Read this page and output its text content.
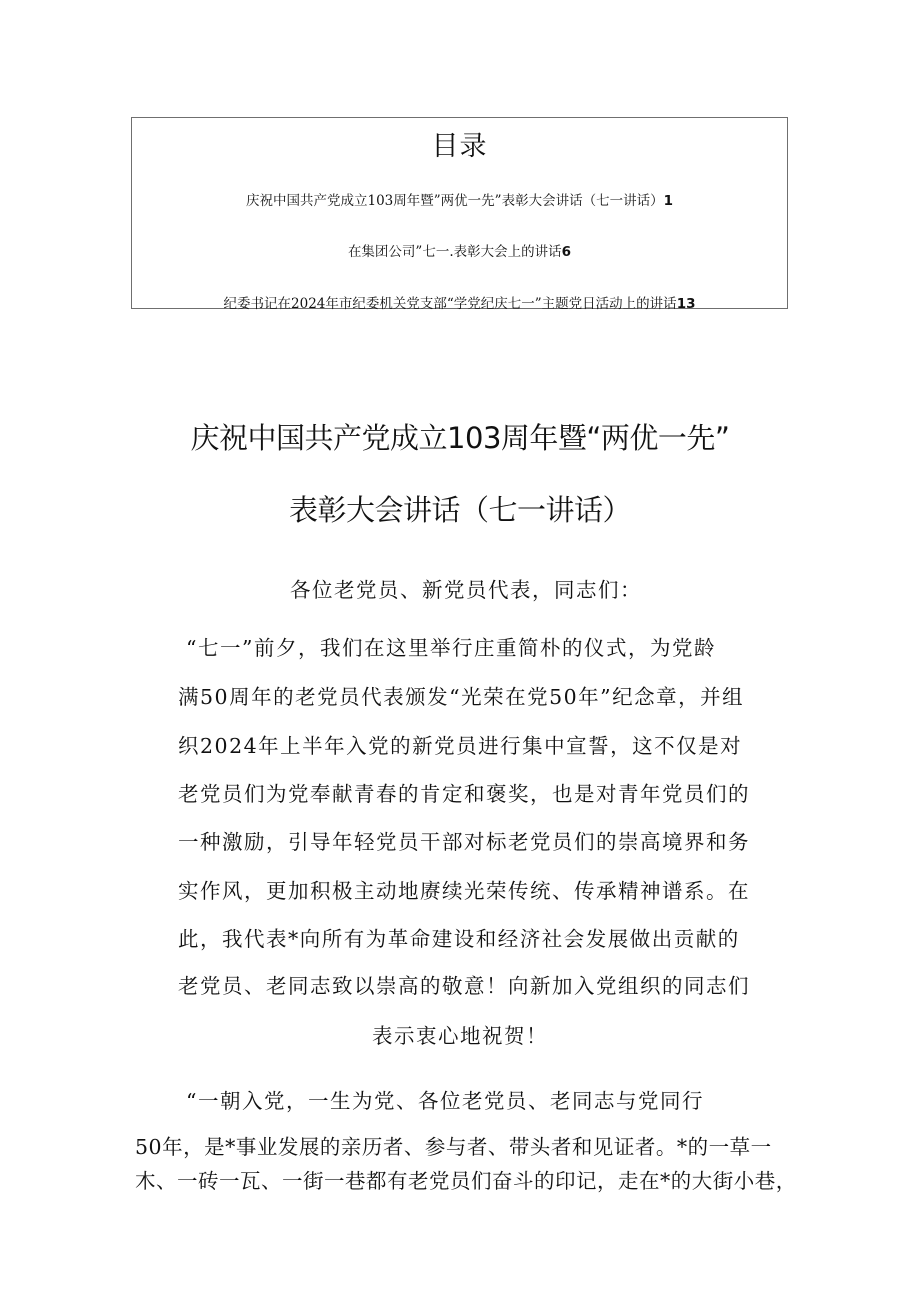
目录
庆祝中国共产党成立103周年暨”两优一先”表彰大会讲话（七一讲话）1
在集团公司”七一.表彰大会上的讲话6
纪委书记在2024年市纪委机关党支部“学党纪庆七一”主题党日活动上的讲话13
庆祝中国共产党成立103周年暨“两优一先”
表彰大会讲话（七一讲话）
各位老党员、新党员代表，同志们：
“七一”前夕，我们在这里举行庄重简朴的仪式，为党龄
满50周年的老党员代表颁发“光荣在党50年”纪念章，并组
织2024年上半年入党的新党员进行集中宣誓，这不仅是对
老党员们为党奉献青春的肯定和褒奖，也是对青年党员们的
一种激励，引导年轻党员干部对标老党员们的崇高境界和务
实作风，更加积极主动地赓续光荣传统、传承精神谱系。在
此，我代表*向所有为革命建设和经济社会发展做出贡献的
老党员、老同志致以崇高的敬意！向新加入党组织的同志们
表示衷心地祝贺！
“一朝入党，一生为党、各位老党员、老同志与党同行
50年，是*事业发展的亲历者、参与者、带头者和见证者。*的一草一
木、一砖一瓦、一街一巷都有老党员们奋斗的印记，走在*的大街小巷，
